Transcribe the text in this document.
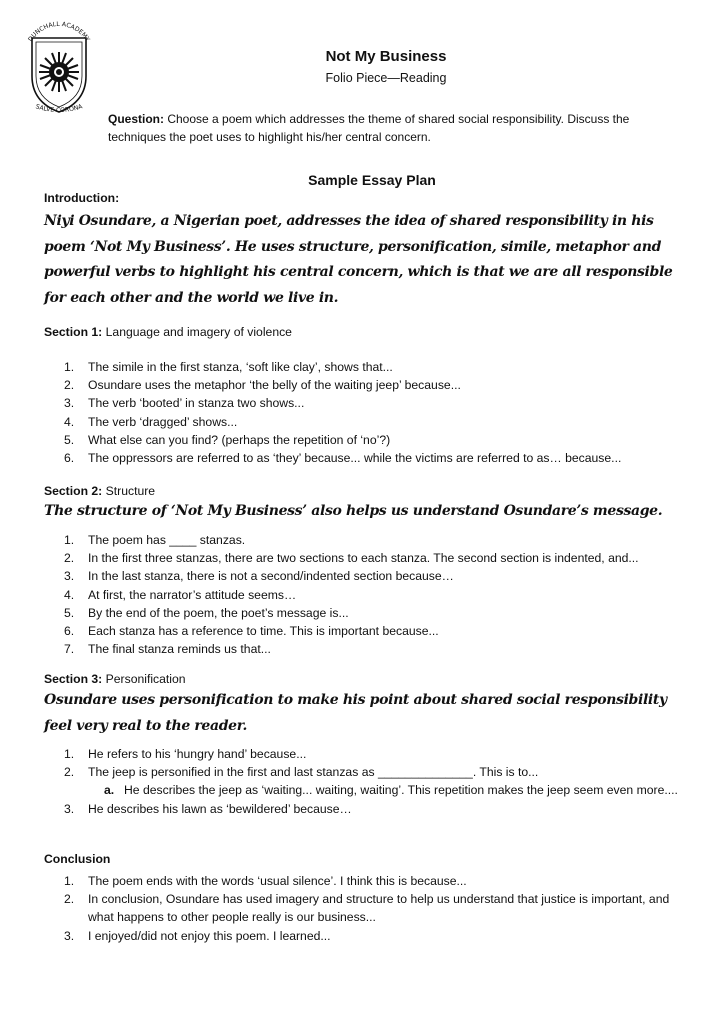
DUNCHALL ACADEMY
SALVE CORONA
Not My Business
Folio Piece—Reading
Question: Choose a poem which addresses the theme of shared social responsibility. Discuss the techniques the poet uses to highlight his/her central concern.
Sample Essay Plan
Introduction:
Niyi Osundare, a Nigerian poet, addresses the idea of shared responsibility in his poem ‘Not My Business’. He uses structure, personification, simile, metaphor and powerful verbs to highlight his central concern, which is that we are all responsible for each other and the world we live in.
Section 1: Language and imagery of violence
1. The simile in the first stanza, ‘soft like clay’, shows that...
2. Osundare uses the metaphor ‘the belly of the waiting jeep’ because...
3. The verb ‘booted’ in stanza two shows...
4. The verb ‘dragged’ shows...
5. What else can you find? (perhaps the repetition of ‘no’?)
6. The oppressors are referred to as ‘they’ because... while the victims are referred to as… because...
Section 2: Structure
The structure of ‘Not My Business’ also helps us understand Osundare’s message.
1. The poem has ____ stanzas.
2. In the first three stanzas, there are two sections to each stanza. The second section is indented, and...
3. In the last stanza, there is not a second/indented section because…
4. At first, the narrator’s attitude seems…
5. By the end of the poem, the poet’s message is...
6. Each stanza has a reference to time. This is important because...
7. The final stanza reminds us that...
Section 3: Personification
Osundare uses personification to make his point about shared social responsibility feel very real to the reader.
1. He refers to his ‘hungry hand’ because...
2. The jeep is personified in the first and last stanzas as ______________. This is to...
a. He describes the jeep as ‘waiting... waiting, waiting’. This repetition makes the jeep seem even more....
3. He describes his lawn as ‘bewildered’ because…
Conclusion
1. The poem ends with the words ‘usual silence’. I think this is because...
2. In conclusion, Osundare has used imagery and structure to help us understand that justice is important, and what happens to other people really is our business...
3. I enjoyed/did not enjoy this poem. I learned...
